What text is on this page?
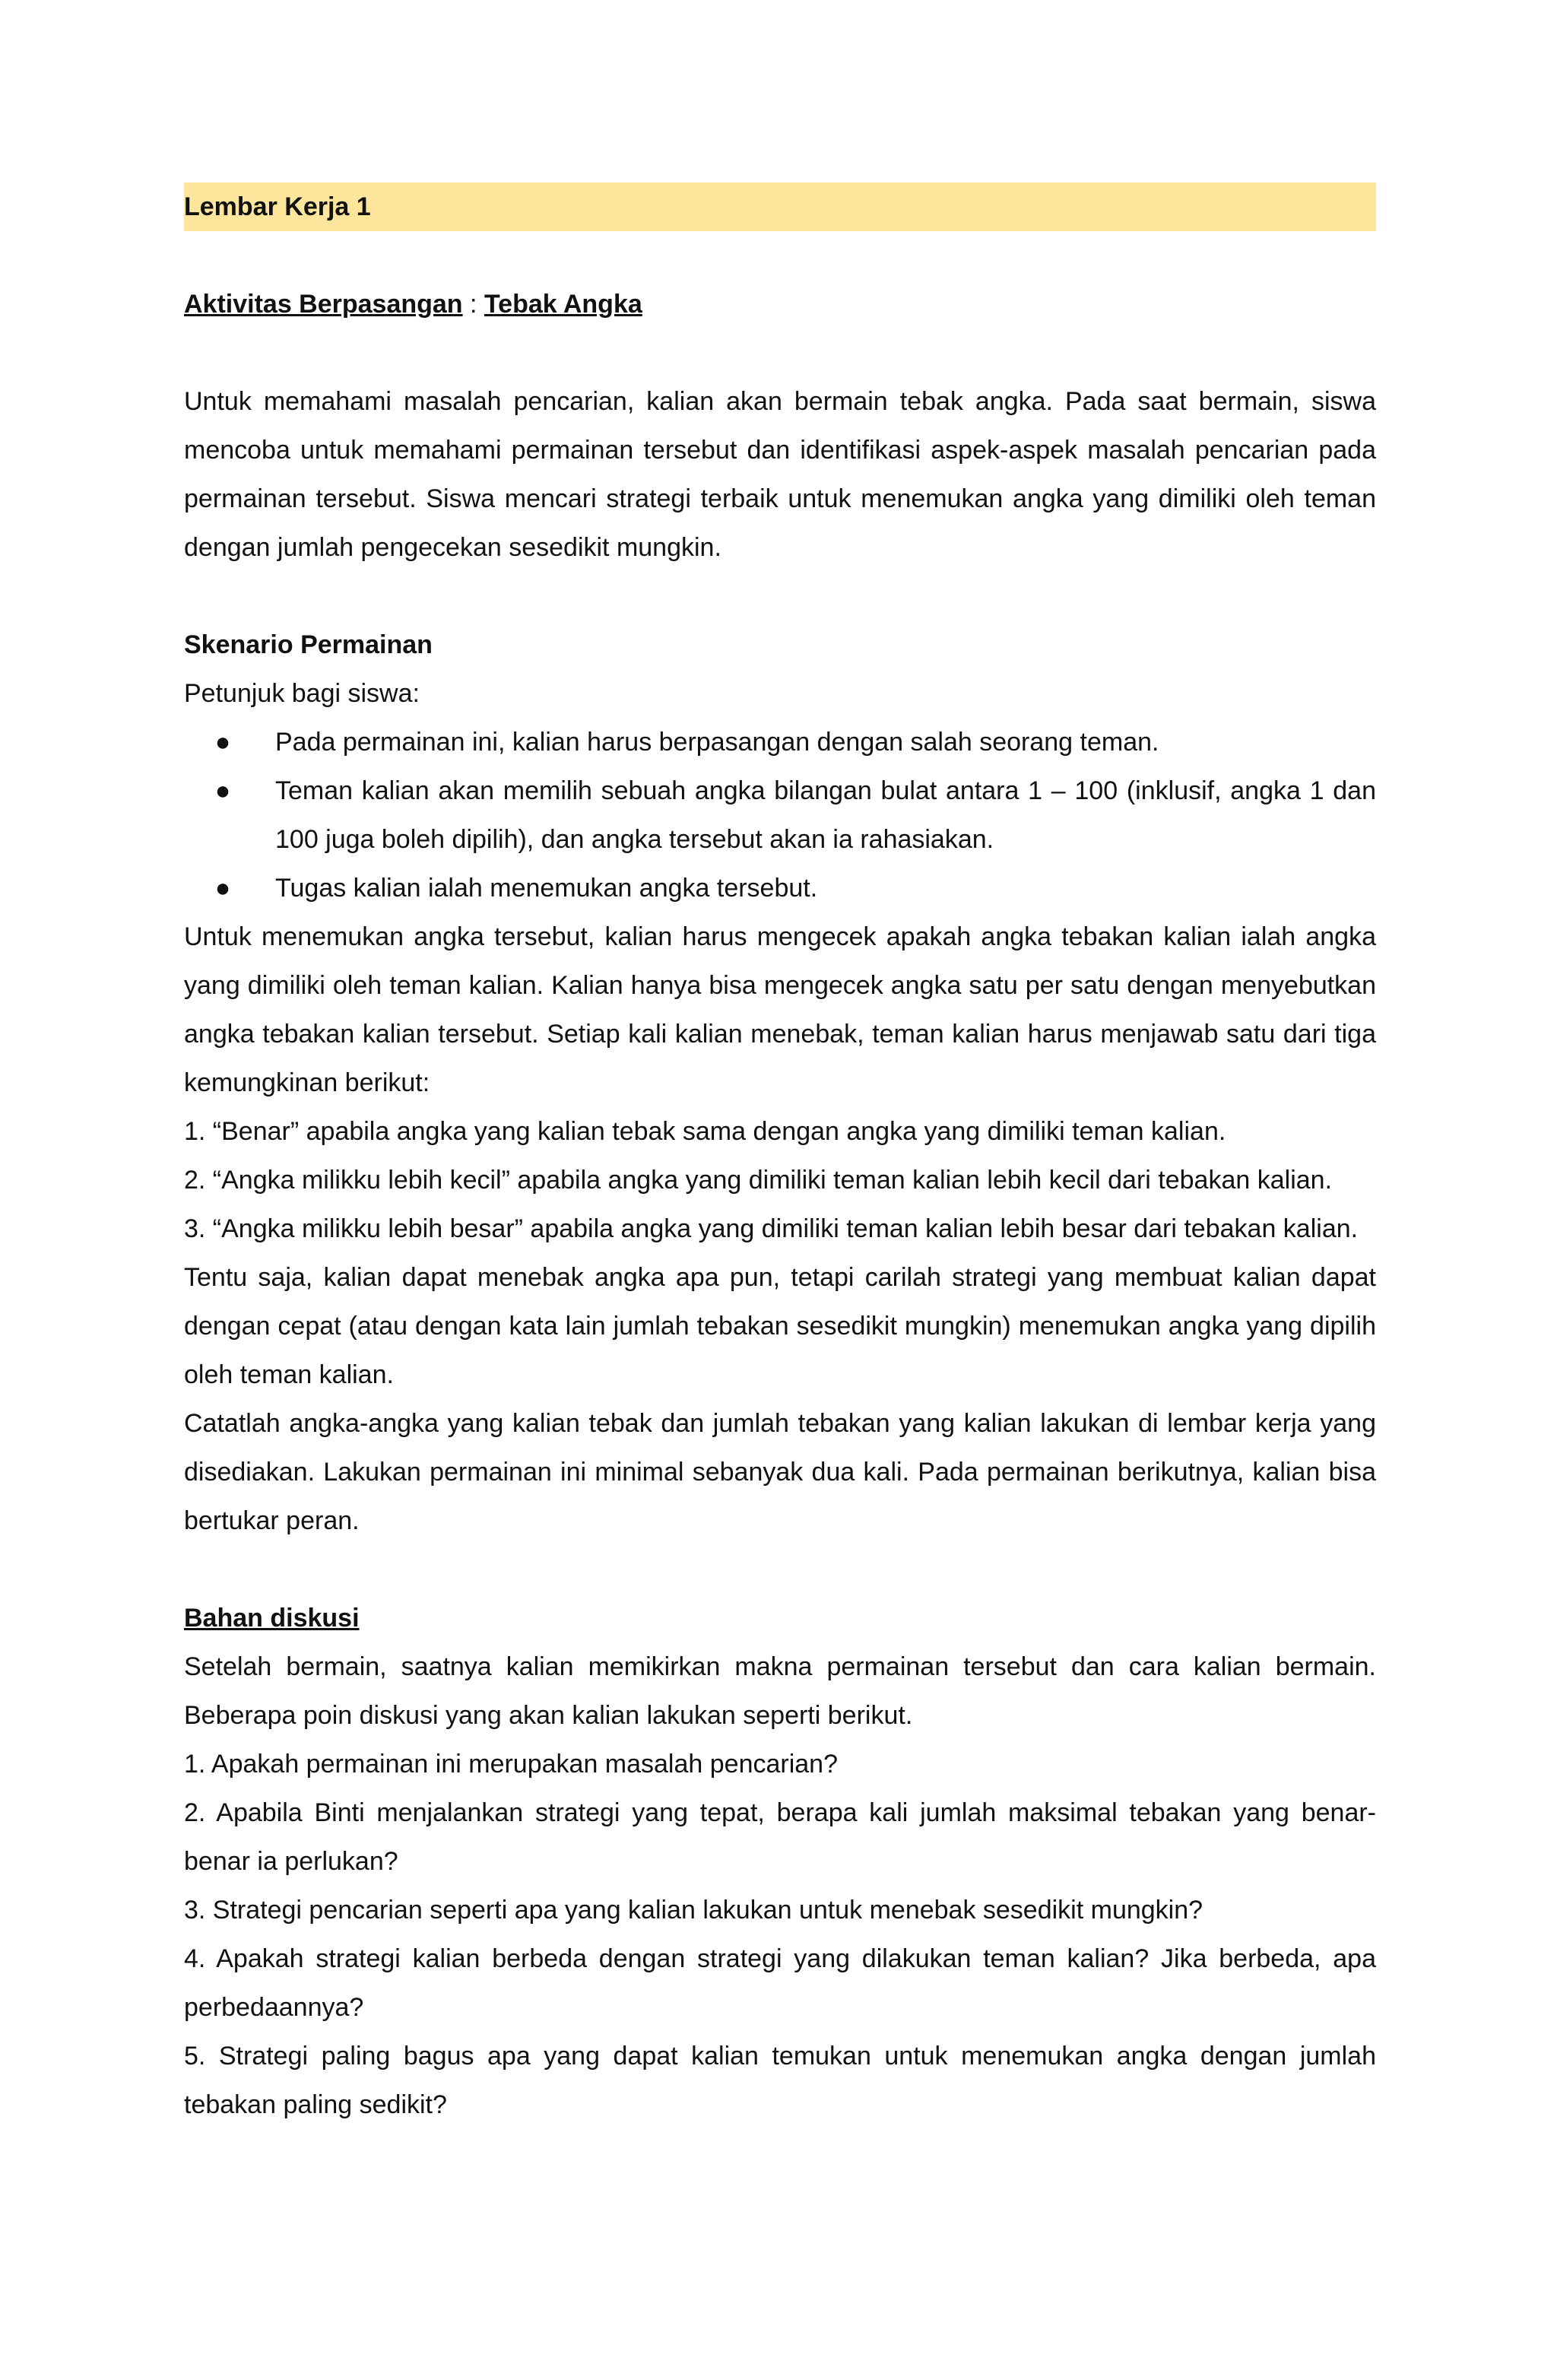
Lembar Kerja 1
Aktivitas Berpasangan : Tebak Angka

Untuk memahami masalah pencarian, kalian akan bermain tebak angka. Pada saat bermain, siswa mencoba untuk memahami permainan tersebut dan identifikasi aspek-aspek masalah pencarian pada permainan tersebut. Siswa mencari strategi terbaik untuk menemukan angka yang dimiliki oleh teman dengan jumlah pengecekan sesedikit mungkin.

Skenario Permainan
Petunjuk bagi siswa:
● Pada permainan ini, kalian harus berpasangan dengan salah seorang teman.
● Teman kalian akan memilih sebuah angka bilangan bulat antara 1 – 100 (inklusif, angka 1 dan 100 juga boleh dipilih), dan angka tersebut akan ia rahasiakan.
● Tugas kalian ialah menemukan angka tersebut.

Untuk menemukan angka tersebut, kalian harus mengecek apakah angka tebakan kalian ialah angka yang dimiliki oleh teman kalian. Kalian hanya bisa mengecek angka satu per satu dengan menyebutkan angka tebakan kalian tersebut. Setiap kali kalian menebak, teman kalian harus menjawab satu dari tiga kemungkinan berikut:

1. “Benar” apabila angka yang kalian tebak sama dengan angka yang dimiliki teman kalian.

2. “Angka milikku lebih kecil” apabila angka yang dimiliki teman kalian lebih kecil dari tebakan kalian.

3. “Angka milikku lebih besar” apabila angka yang dimiliki teman kalian lebih besar dari tebakan kalian.

Tentu saja, kalian dapat menebak angka apa pun, tetapi carilah strategi yang membuat kalian dapat dengan cepat (atau dengan kata lain jumlah tebakan sesedikit mungkin) menemukan angka yang dipilih oleh teman kalian.

Catatlah angka-angka yang kalian tebak dan jumlah tebakan yang kalian lakukan di lembar kerja yang disediakan. Lakukan permainan ini minimal sebanyak dua kali. Pada permainan berikutnya, kalian bisa bertukar peran.

Bahan diskusi

Setelah bermain, saatnya kalian memikirkan makna permainan tersebut dan cara kalian bermain. Beberapa poin diskusi yang akan kalian lakukan seperti berikut.

1. Apakah permainan ini merupakan masalah pencarian?

2. Apabila Binti menjalankan strategi yang tepat, berapa kali jumlah maksimal tebakan yang benar-benar ia perlukan?

3. Strategi pencarian seperti apa yang kalian lakukan untuk menebak sesedikit mungkin?

4. Apakah strategi kalian berbeda dengan strategi yang dilakukan teman kalian? Jika berbeda, apa perbedaannya?

5. Strategi paling bagus apa yang dapat kalian temukan untuk menemukan angka dengan jumlah tebakan paling sedikit?
